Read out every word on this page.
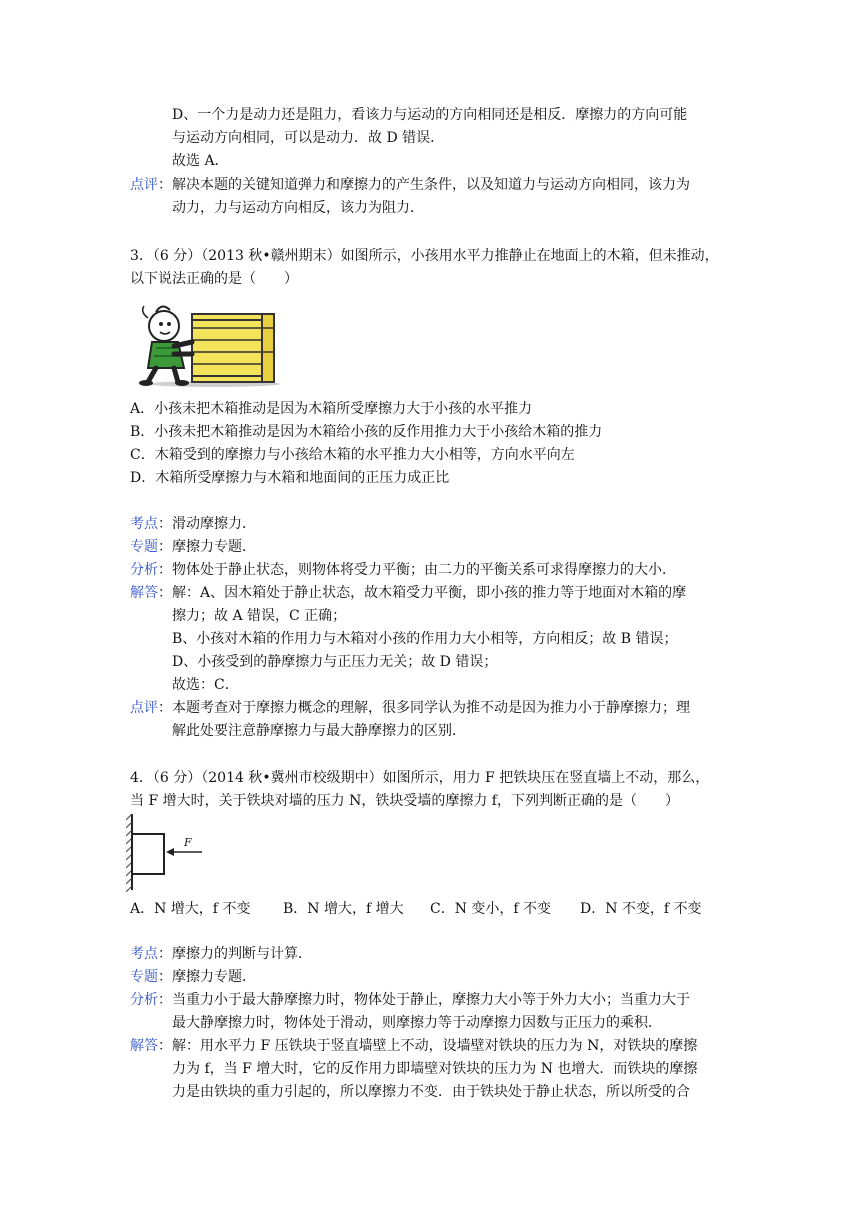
D、一个力是动力还是阻力，看该力与运动的方向相同还是相反．摩擦力的方向可能
与运动方向相同，可以是动力．故 D 错误．
故选 A．
点评：解决本题的关键知道弹力和摩擦力的产生条件，以及知道力与运动方向相同，该力为
动力，力与运动方向相反，该力为阻力．
3．（6 分）（2013 秋•赣州期末）如图所示，小孩用水平力推静止在地面上的木箱，但未推动，
以下说法正确的是（　　）
A．小孩未把木箱推动是因为木箱所受摩擦力大于小孩的水平推力
B．小孩未把木箱推动是因为木箱给小孩的反作用推力大于小孩给木箱的推力
C．木箱受到的摩擦力与小孩给木箱的水平推力大小相等，方向水平向左
D．木箱所受摩擦力与木箱和地面间的正压力成正比
考点：滑动摩擦力．
专题：摩擦力专题．
分析：物体处于静止状态，则物体将受力平衡；由二力的平衡关系可求得摩擦力的大小．
解答：解：A、因木箱处于静止状态，故木箱受力平衡，即小孩的推力等于地面对木箱的摩
擦力；故 A 错误，C 正确；
B、小孩对木箱的作用力与木箱对小孩的作用力大小相等，方向相反；故 B 错误；
D、小孩受到的静摩擦力与正压力无关；故 D 错误；
故选：C．
点评：本题考查对于摩擦力概念的理解，很多同学认为推不动是因为推力小于静摩擦力；理
解此处要注意静摩擦力与最大静摩擦力的区别．
4．（6 分）（2014 秋•冀州市校级期中）如图所示，用力 F 把铁块压在竖直墙上不动，那么，
当 F 增大时，关于铁块对墙的压力 N，铁块受墙的摩擦力 f，下列判断正确的是（　　）
F
A．N 增大，f 不变 B．N 增大，f 增大 C．N 变小，f 不变 D．N 不变，f 不变
考点：摩擦力的判断与计算．
专题：摩擦力专题．
分析：当重力小于最大静摩擦力时，物体处于静止，摩擦力大小等于外力大小；当重力大于
最大静摩擦力时，物体处于滑动，则摩擦力等于动摩擦力因数与正压力的乘积．
解答：解：用水平力 F 压铁块于竖直墙壁上不动，设墙壁对铁块的压力为 N，对铁块的摩擦
力为 f，当 F 增大时，它的反作用力即墙壁对铁块的压力为 N 也增大．而铁块的摩擦
力是由铁块的重力引起的，所以摩擦力不变．由于铁块处于静止状态，所以所受的合
